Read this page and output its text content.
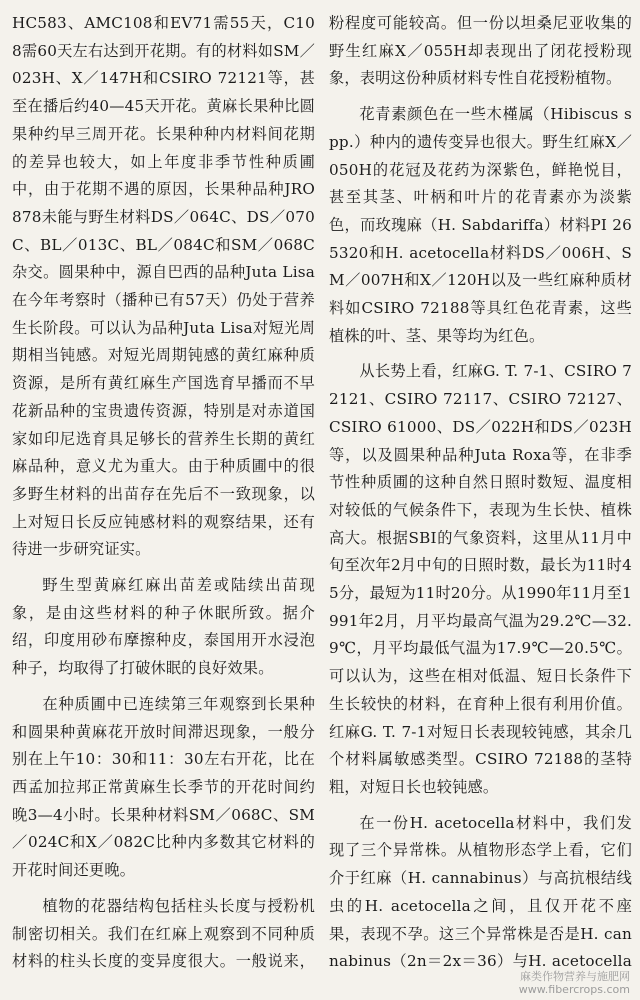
HC583、AMC108和EV71需55天，C108需60天左右达到开花期。有的材料如SM／023H、X／147H和CSIRO 72121等，甚至在播后约40—45天开花。黄麻长果种比圆果种约早三周开花。长果种种内材料间花期的差异也较大，如上年度非季节性种质圃中，由于花期不遇的原因，长果种品种JRO 878未能与野生材料DS／064C、DS／070C、BL／013C、BL／084C和SM／068C杂交。圆果种中，源自巴西的品种Juta Lisa在今年考察时（播种已有57天）仍处于营养生长阶段。可以认为品种Juta Lisa对短光周期相当钝感。对短光周期钝感的黄红麻种质资源，是所有黄红麻生产国选育早播而不早花新品种的宝贵遗传资源，特别是对赤道国家如印尼选育具足够长的营养生长期的黄红麻品种，意义尤为重大。由于种质圃中的很多野生材料的出苗存在先后不一致现象，以上对短日长反应钝感材料的观察结果，还有待进一步研究证实。

野生型黄麻红麻出苗差或陆续出苗现象，是由这些材料的种子休眠所致。据介绍，印度用砂布摩擦种皮，泰国用开水浸泡种子，均取得了打破休眠的良好效果。

在种质圃中已连续第三年观察到长果种和圆果种黄麻花开放时间滞迟现象，一般分别在上午10：30和11：30左右开花，比在西孟加拉邦正常黄麻生长季节的开花时间约晚3—4小时。长果种材料SM／068C、SM／024C和X／082C比种内多数其它材料的开花时间还更晚。

植物的花器结构包括柱头长度与授粉机制密切相关。我们在红麻上观察到不同种质材料的柱头长度的变异度很大。一般说来，

粉程度可能较高。但一份以坦桑尼亚收集的野生红麻X／055H却表现出了闭花授粉现象，表明这份种质材料专性自花授粉植物。

花青素颜色在一些木槿属（Hibiscus spp.）种内的遗传变异也很大。野生红麻X／050H的花冠及花药为深紫色，鲜艳悦目，甚至其茎、叶柄和叶片的花青素亦为淡紫色，而玫瑰麻（H. Sabdariffa）材料PI 265320和H. acetocella材料DS／006H、SM／007H和X／120H以及一些红麻种质材料如CSIRO 72188等具红色花青素，这些植株的叶、茎、果等均为红色。

从长势上看，红麻G. T. 7-1、CSIRO 72121、CSIRO 72117、CSIRO 72127、CSIRO 61000、DS／022H和DS／023H等，以及圆果种品种Juta Roxa等，在非季节性种质圃的这种自然日照时数短、温度相对较低的气候条件下，表现为生长快、植株高大。根据SBI的气象资料，这里从11月中旬至次年2月中旬的日照时数，最长为11时45分，最短为11时20分。从1990年11月至1991年2月，月平均最高气温为29.2℃—32.9℃，月平均最低气温为17.9℃—20.5℃。可以认为，这些在相对低温、短日长条件下生长较快的材料，在育种上很有利用价值。红麻G. T. 7-1对短日长表现较钝感，其余几个材料属敏感类型。CSIRO 72188的茎特粗，对短日长也较钝感。

在一份H. acetocella材料中，我们发现了三个异常株。从植物形态学上看，它们介于红麻（H. cannabinus）与高抗根结线虫的H. acetocella之间，且仅开花不座果，表现不孕。这三个异常株是否是H. cannabinus（2n＝2x＝36）与H. acetocella

麻类作物营养与施肥网
www.fibercrops.com
